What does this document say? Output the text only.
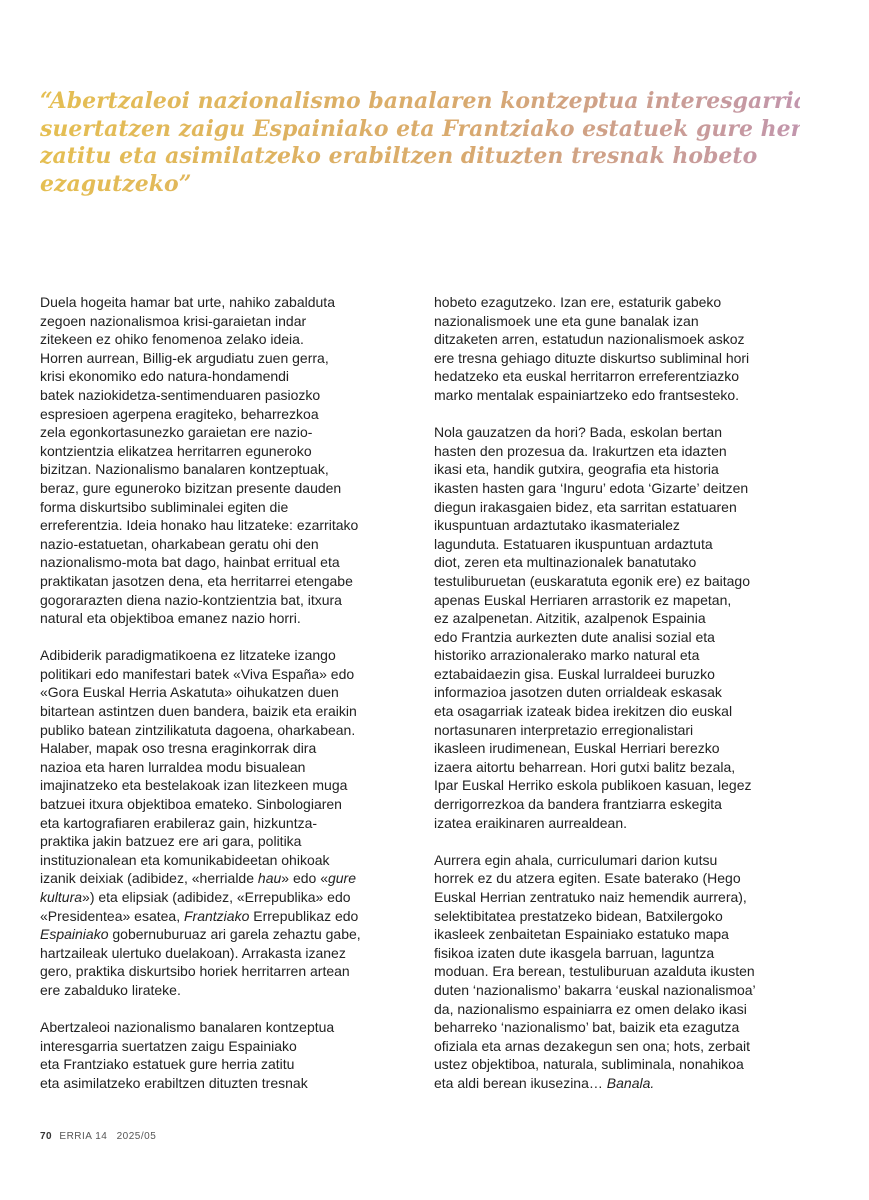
“Abertzaleoi nazionalismo banalaren kontzeptua interesgarria
suertatzen zaigu Espainiako eta Frantziako estatuek gure herria
zatitu eta asimilatzeko erabiltzen dituzten tresnak hobeto
ezagutzeko”

Duela hogeita hamar bat urte, nahiko zabalduta
zegoen nazionalismoa krisi-garaietan indar
zitekeen ez ohiko fenomenoa zelako ideia.
Horren aurrean, Billig-ek argudiatu zuen gerra,
krisi ekonomiko edo natura-hondamendi
batek naziokidetza-sentimenduaren pasiozko
espresioen agerpena eragiteko, beharrezkoa
zela egonkortasunezko garaietan ere nazio-
kontzientzia elikatzea herritarren eguneroko
bizitzan. Nazionalismo banalaren kontzeptuak,
beraz, gure eguneroko bizitzan presente dauden
forma diskurtsibo subliminalei egiten die
erreferentzia. Ideia honako hau litzateke: ezarritako
nazio-estatuetan, oharkabean geratu ohi den
nazionalismo-mota bat dago, hainbat erritual eta
praktikatan jasotzen dena, eta herritarrei etengabe
gogorarazten diena nazio-kontzientzia bat, itxura
natural eta objektiboa emanez nazio horri.

Adibiderik paradigmatikoena ez litzateke izango
politikari edo manifestari batek «Viva España» edo
«Gora Euskal Herria Askatuta» oihukatzen duen
bitartean astintzen duen bandera, baizik eta eraikin
publiko batean zintzilikatuta dagoena, oharkabean.
Halaber, mapak oso tresna eraginkorrak dira
nazioa eta haren lurraldea modu bisualean
imajinatzeko eta bestelakoak izan litezkeen muga
batzuei itxura objektiboa emateko. Sinbologiaren
eta kartografiaren erabileraz gain, hizkuntza-
praktika jakin batzuez ere ari gara, politika
instituzionalean eta komunikabideetan ohikoak
izanik deixiak (adibidez, «herrialde hau» edo «gure
kultura») eta elipsiak (adibidez, «Errepublika» edo
«Presidentea» esatea, Frantziako Errepublikaz edo
Espainiako gobernuburuaz ari garela zehaztu gabe,
hartzaileak ulertuko duelakoan). Arrakasta izanez
gero, praktika diskurtsibo horiek herritarren artean
ere zabalduko lirateke.

Abertzaleoi nazionalismo banalaren kontzeptua
interesgarria suertatzen zaigu Espainiako
eta Frantziako estatuek gure herria zatitu
eta asimilatzeko erabiltzen dituzten tresnak

hobeto ezagutzeko. Izan ere, estaturik gabeko
nazionalismoek une eta gune banalak izan
ditzaketen arren, estatudun nazionalismoek askoz
ere tresna gehiago dituzte diskurtso subliminal hori
hedatzeko eta euskal herritarron erreferentziazko
marko mentalak espainiartzeko edo frantsesteko.

Nola gauzatzen da hori? Bada, eskolan bertan
hasten den prozesua da. Irakurtzen eta idazten
ikasi eta, handik gutxira, geografia eta historia
ikasten hasten gara ‘Inguru’ edota ‘Gizarte’ deitzen
diegun irakasgaien bidez, eta sarritan estatuaren
ikuspuntuan ardaztutako ikasmaterialez
lagunduta. Estatuaren ikuspuntuan ardaztuta
diot, zeren eta multinazionalek banatutako
testuliburuetan (euskaratuta egonik ere) ez baitago
apenas Euskal Herriaren arrastorik ez mapetan,
ez azalpenetan. Aitzitik, azalpenok Espainia
edo Frantzia aurkezten dute analisi sozial eta
historiko arrazionalerako marko natural eta
eztabaidaezin gisa. Euskal lurraldeei buruzko
informazioa jasotzen duten orrialdeak eskasak
eta osagarriak izateak bidea irekitzen dio euskal
nortasunaren interpretazio erregionalistari
ikasleen irudimenean, Euskal Herriari berezko
izaera aitortu beharrean. Hori gutxi balitz bezala,
Ipar Euskal Herriko eskola publikoen kasuan, legez
derrigorrezkoa da bandera frantziarra eskegita
izatea eraikinaren aurrealdean.

Aurrera egin ahala, curriculumari darion kutsu
horrek ez du atzera egiten. Esate baterako (Hego
Euskal Herrian zentratuko naiz hemendik aurrera),
selektibitatea prestatzeko bidean, Batxilergoko
ikasleek zenbaitetan Espainiako estatuko mapa
fisikoa izaten dute ikasgela barruan, laguntza
moduan. Era berean, testuliburuan azalduta ikusten
duten ‘nazionalismo’ bakarra ‘euskal nazionalismoa’
da, nazionalismo espainiarra ez omen delako ikasi
beharreko ‘nazionalismo’ bat, baizik eta ezagutza
ofiziala eta arnas dezakegun sen ona; hots, zerbait
ustez objektiboa, naturala, subliminala, nonahikoa
eta aldi berean ikusezina… Banala.

70 ERRIA 14 2025/05
